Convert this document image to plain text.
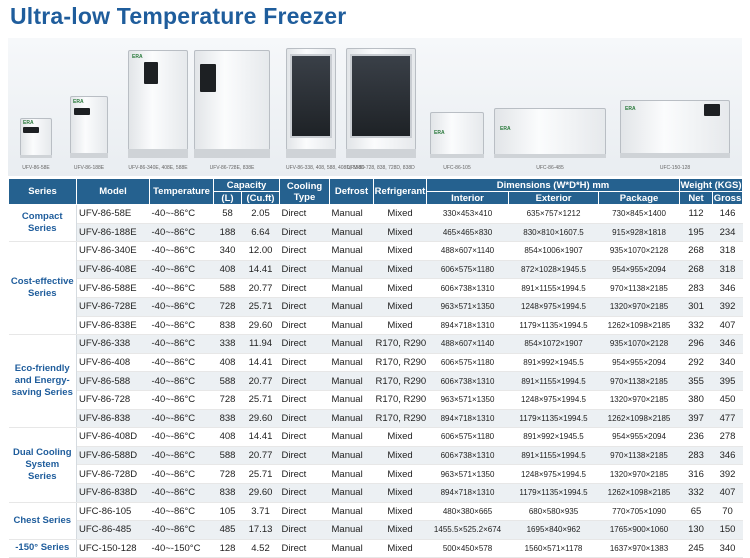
Ultra-low Temperature Freezer
ERA
UFV-86-58E
ERA
UFV-86-188E
ERA
UFV-86-340E, 408E, 588E	UFV-86-728E, 838E	UFV-86-338, 408, 588, 408D, 588D
UFV-86-728, 838, 728D, 838D
ERA
UFC-86-105
ERA
UFC-86-485
ERA
UFC-150-128
Series	Model	Temperature	Capacity		Cooling Type	Defrost	Refrigerant	Dimensions (W*D*H) mm			Weight (KGS)	
			(L)	(Cu.ft)				Interior	Exterior	Package	Net	Gross
Compact Series	UFV-86-58E	-40~-86°C	58	2.05	Direct	Manual	Mixed	330×453×410	635×757×1212	730×845×1400	112	146
	UFV-86-188E	-40~-86°C	188	6.64	Direct	Manual	Mixed	465×465×830	830×810×1607.5	915×928×1818	195	234
Cost-effective Series	UFV-86-340E	-40~-86°C	340	12.00	Direct	Manual	Mixed	488×607×1140	854×1006×1907	935×1070×2128	268	318
	UFV-86-408E	-40~-86°C	408	14.41	Direct	Manual	Mixed	606×575×1180	872×1028×1945.5	954×955×2094	268	318
	UFV-86-588E	-40~-86°C	588	20.77	Direct	Manual	Mixed	606×738×1310	891×1155×1994.5	970×1138×2185	283	346
	UFV-86-728E	-40~-86°C	728	25.71	Direct	Manual	Mixed	963×571×1350	1248×975×1994.5	1320×970×2185	301	392
	UFV-86-838E	-40~-86°C	838	29.60	Direct	Manual	Mixed	894×718×1310	1179×1135×1994.5	1262×1098×2185	332	407
Eco-friendly and Energy-saving Series	UFV-86-338	-40~-86°C	338	11.94	Direct	Manual	R170, R290	488×607×1140	854×1072×1907	935×1070×2128	296	346
	UFV-86-408	-40~-86°C	408	14.41	Direct	Manual	R170, R290	606×575×1180	891×992×1945.5	954×955×2094	292	340
	UFV-86-588	-40~-86°C	588	20.77	Direct	Manual	R170, R290	606×738×1310	891×1155×1994.5	970×1138×2185	355	395
	UFV-86-728	-40~-86°C	728	25.71	Direct	Manual	R170, R290	963×571×1350	1248×975×1994.5	1320×970×2185	380	450
	UFV-86-838	-40~-86°C	838	29.60	Direct	Manual	R170, R290	894×718×1310	1179×1135×1994.5	1262×1098×2185	397	477
Dual Cooling System Series	UFV-86-408D	-40~-86°C	408	14.41	Direct	Manual	Mixed	606×575×1180	891×992×1945.5	954×955×2094	236	278
	UFV-86-588D	-40~-86°C	588	20.77	Direct	Manual	Mixed	606×738×1310	891×1155×1994.5	970×1138×2185	283	346
	UFV-86-728D	-40~-86°C	728	25.71	Direct	Manual	Mixed	963×571×1350	1248×975×1994.5	1320×970×2185	316	392
	UFV-86-838D	-40~-86°C	838	29.60	Direct	Manual	Mixed	894×718×1310	1179×1135×1994.5	1262×1098×2185	332	407
Chest Series	UFC-86-105	-40~-86°C	105	3.71	Direct	Manual	Mixed	480×380×665	680×580×935	770×705×1090	65	70
	UFC-86-485	-40~-86°C	485	17.13	Direct	Manual	Mixed	1455.5×525.2×674	1695×840×962	1765×900×1060	130	150
-150° Series	UFC-150-128	-40~-150°C	128	4.52	Direct	Manual	Mixed	500×450×578	1560×571×1178	1637×970×1383	245	340
